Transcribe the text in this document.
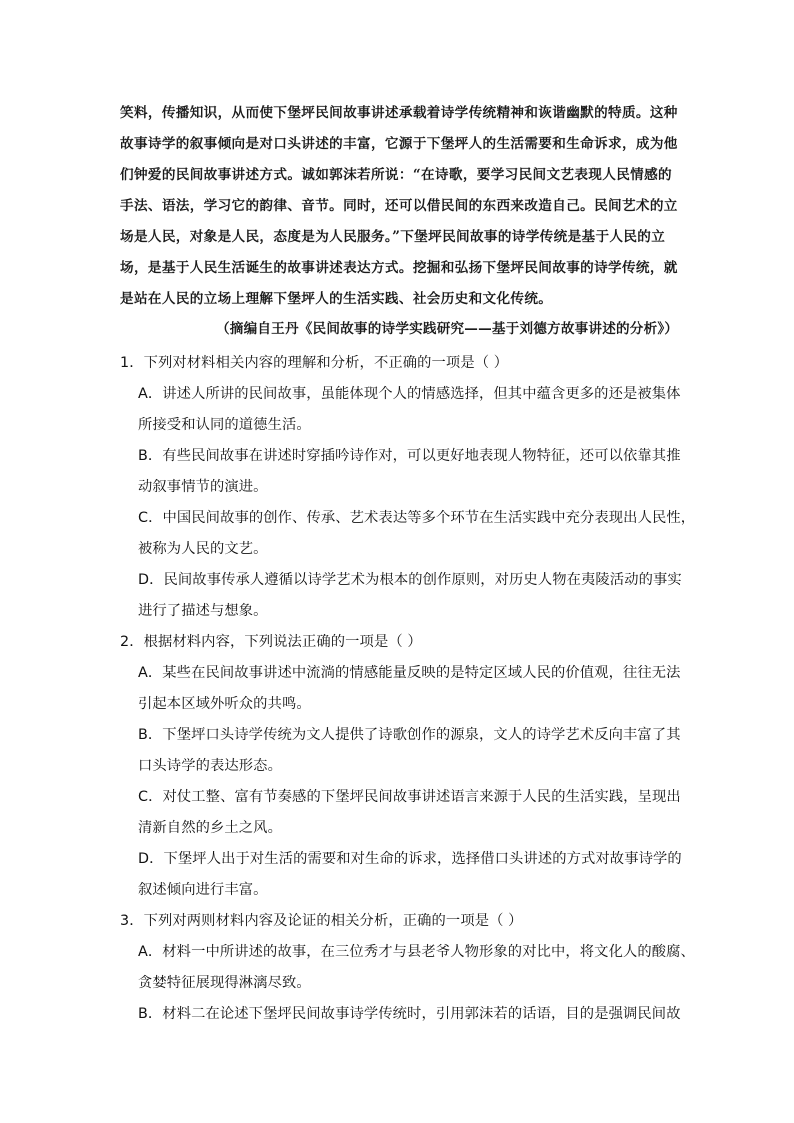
笑料，传播知识，从而使下堡坪民间故事讲述承载着诗学传统精神和诙谐幽默的特质。这种
故事诗学的叙事倾向是对口头讲述的丰富，它源于下堡坪人的生活需要和生命诉求，成为他
们钟爱的民间故事讲述方式。诚如郭沫若所说：“在诗歌，要学习民间文艺表现人民情感的
手法、语法，学习它的韵律、音节。同时，还可以借民间的东西来改造自己。民间艺术的立
场是人民，对象是人民，态度是为人民服务。”下堡坪民间故事的诗学传统是基于人民的立
场，是基于人民生活诞生的故事讲述表达方式。挖掘和弘扬下堡坪民间故事的诗学传统，就
是站在人民的立场上理解下堡坪人的生活实践、社会历史和文化传统。
（摘编自王丹《民间故事的诗学实践研究——基于刘德方故事讲述的分析》）
1．下列对材料相关内容的理解和分析，不正确的一项是（ ）
A．讲述人所讲的民间故事，虽能体现个人的情感选择，但其中蕴含更多的还是被集体
所接受和认同的道德生活。
B．有些民间故事在讲述时穿插吟诗作对，可以更好地表现人物特征，还可以依靠其推
动叙事情节的演进。
C．中国民间故事的创作、传承、艺术表达等多个环节在生活实践中充分表现出人民性，
被称为人民的文艺。
D．民间故事传承人遵循以诗学艺术为根本的创作原则，对历史人物在夷陵活动的事实
进行了描述与想象。
2．根据材料内容，下列说法正确的一项是（ ）
A．某些在民间故事讲述中流淌的情感能量反映的是特定区域人民的价值观，往往无法
引起本区域外听众的共鸣。
B．下堡坪口头诗学传统为文人提供了诗歌创作的源泉，文人的诗学艺术反向丰富了其
口头诗学的表达形态。
C．对仗工整、富有节奏感的下堡坪民间故事讲述语言来源于人民的生活实践，呈现出
清新自然的乡土之风。
D．下堡坪人出于对生活的需要和对生命的诉求，选择借口头讲述的方式对故事诗学的
叙述倾向进行丰富。
3．下列对两则材料内容及论证的相关分析，正确的一项是（ ）
A．材料一中所讲述的故事，在三位秀才与县老爷人物形象的对比中，将文化人的酸腐、
贪婪特征展现得淋漓尽致。
B．材料二在论述下堡坪民间故事诗学传统时，引用郭沫若的话语，目的是强调民间故
